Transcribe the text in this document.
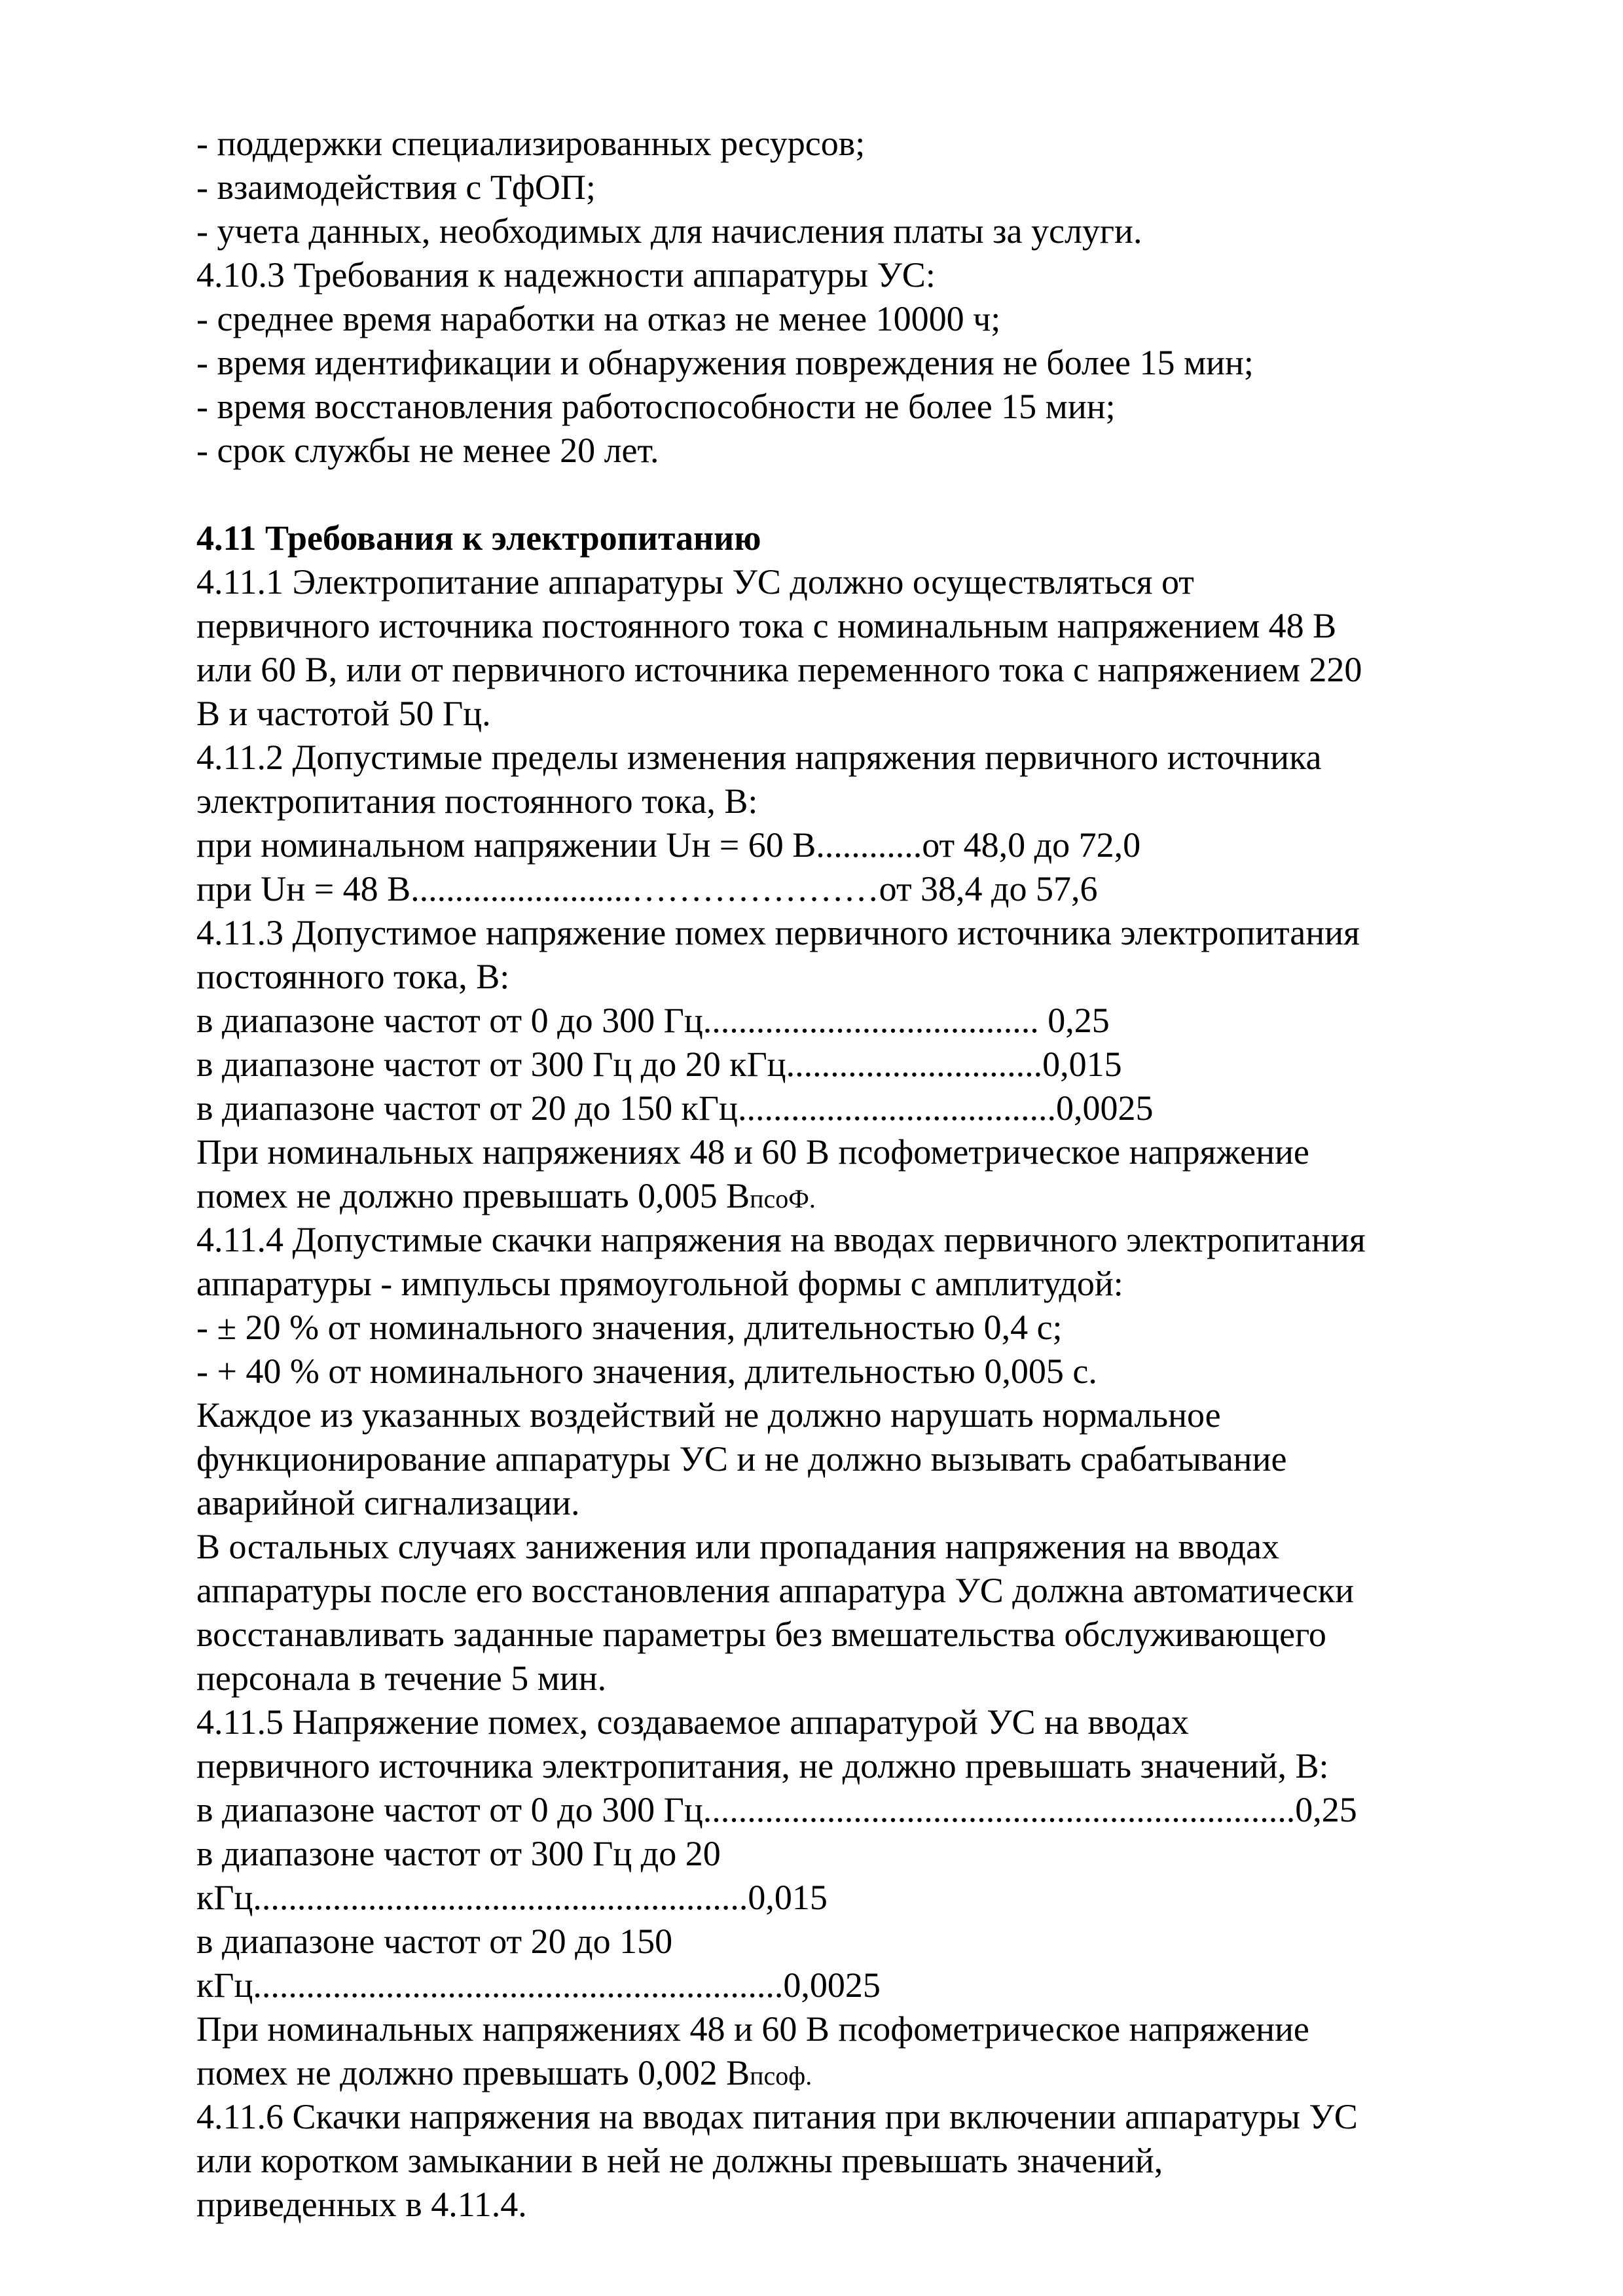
- поддержки специализированных ресурсов;
- взаимодействия с ТфОП;
- учета данных, необходимых для начисления платы за услуги.
4.10.3 Требования к надежности аппаратуры УС:
- среднее время наработки на отказ не менее 10000 ч;
- время идентификации и обнаружения повреждения не более 15 мин;
- время восстановления работоспособности не более 15 мин;
- срок службы не менее 20 лет.
4.11 Требования к электропитанию
4.11.1 Электропитание аппаратуры УС должно осуществляться от
первичного источника постоянного тока с номинальным напряжением 48 В
или 60 В, или от первичного источника переменного тока с напряжением 220
В и частотой 50 Гц.
4.11.2 Допустимые пределы изменения напряжения первичного источника
электропитания постоянного тока, В:
при номинальном напряжении Uн = 60 В............от 48,0 до 72,0
при Uн = 48 В.........................…………………от 38,4 до 57,6
4.11.3 Допустимое напряжение помех первичного источника электропитания
постоянного тока, В:
в диапазоне частот от 0 до 300 Гц...................................... 0,25
в диапазоне частот от 300 Гц до 20 кГц.............................0,015
в диапазоне частот от 20 до 150 кГц....................................0,0025
При номинальных напряжениях 48 и 60 В псофометрическое напряжение
помех не должно превышать 0,005 ВпсоФ.
4.11.4 Допустимые скачки напряжения на вводах первичного электропитания
аппаратуры - импульсы прямоугольной формы с амплитудой:
- ± 20 % от номинального значения, длительностью 0,4 с;
- + 40 % от номинального значения, длительностью 0,005 с.
Каждое из указанных воздействий не должно нарушать нормальное
функционирование аппаратуры УС и не должно вызывать срабатывание
аварийной сигнализации.
В остальных случаях занижения или пропадания напряжения на вводах
аппаратуры после его восстановления аппаратура УС должна автоматически
восстанавливать заданные параметры без вмешательства обслуживающего
персонала в течение 5 мин.
4.11.5 Напряжение помех, создаваемое аппаратурой УС на вводах
первичного источника электропитания, не должно превышать значений, В:
в диапазоне частот от 0 до 300 Гц...................................................................0,25
в диапазоне частот от 300 Гц до 20
кГц........................................................0,015
в диапазоне частот от 20 до 150
кГц............................................................0,0025
При номинальных напряжениях 48 и 60 В псофометрическое напряжение
помех не должно превышать 0,002 Впсоф.
4.11.6 Скачки напряжения на вводах питания при включении аппаратуры УС
или коротком замыкании в ней не должны превышать значений,
приведенных в 4.11.4.
